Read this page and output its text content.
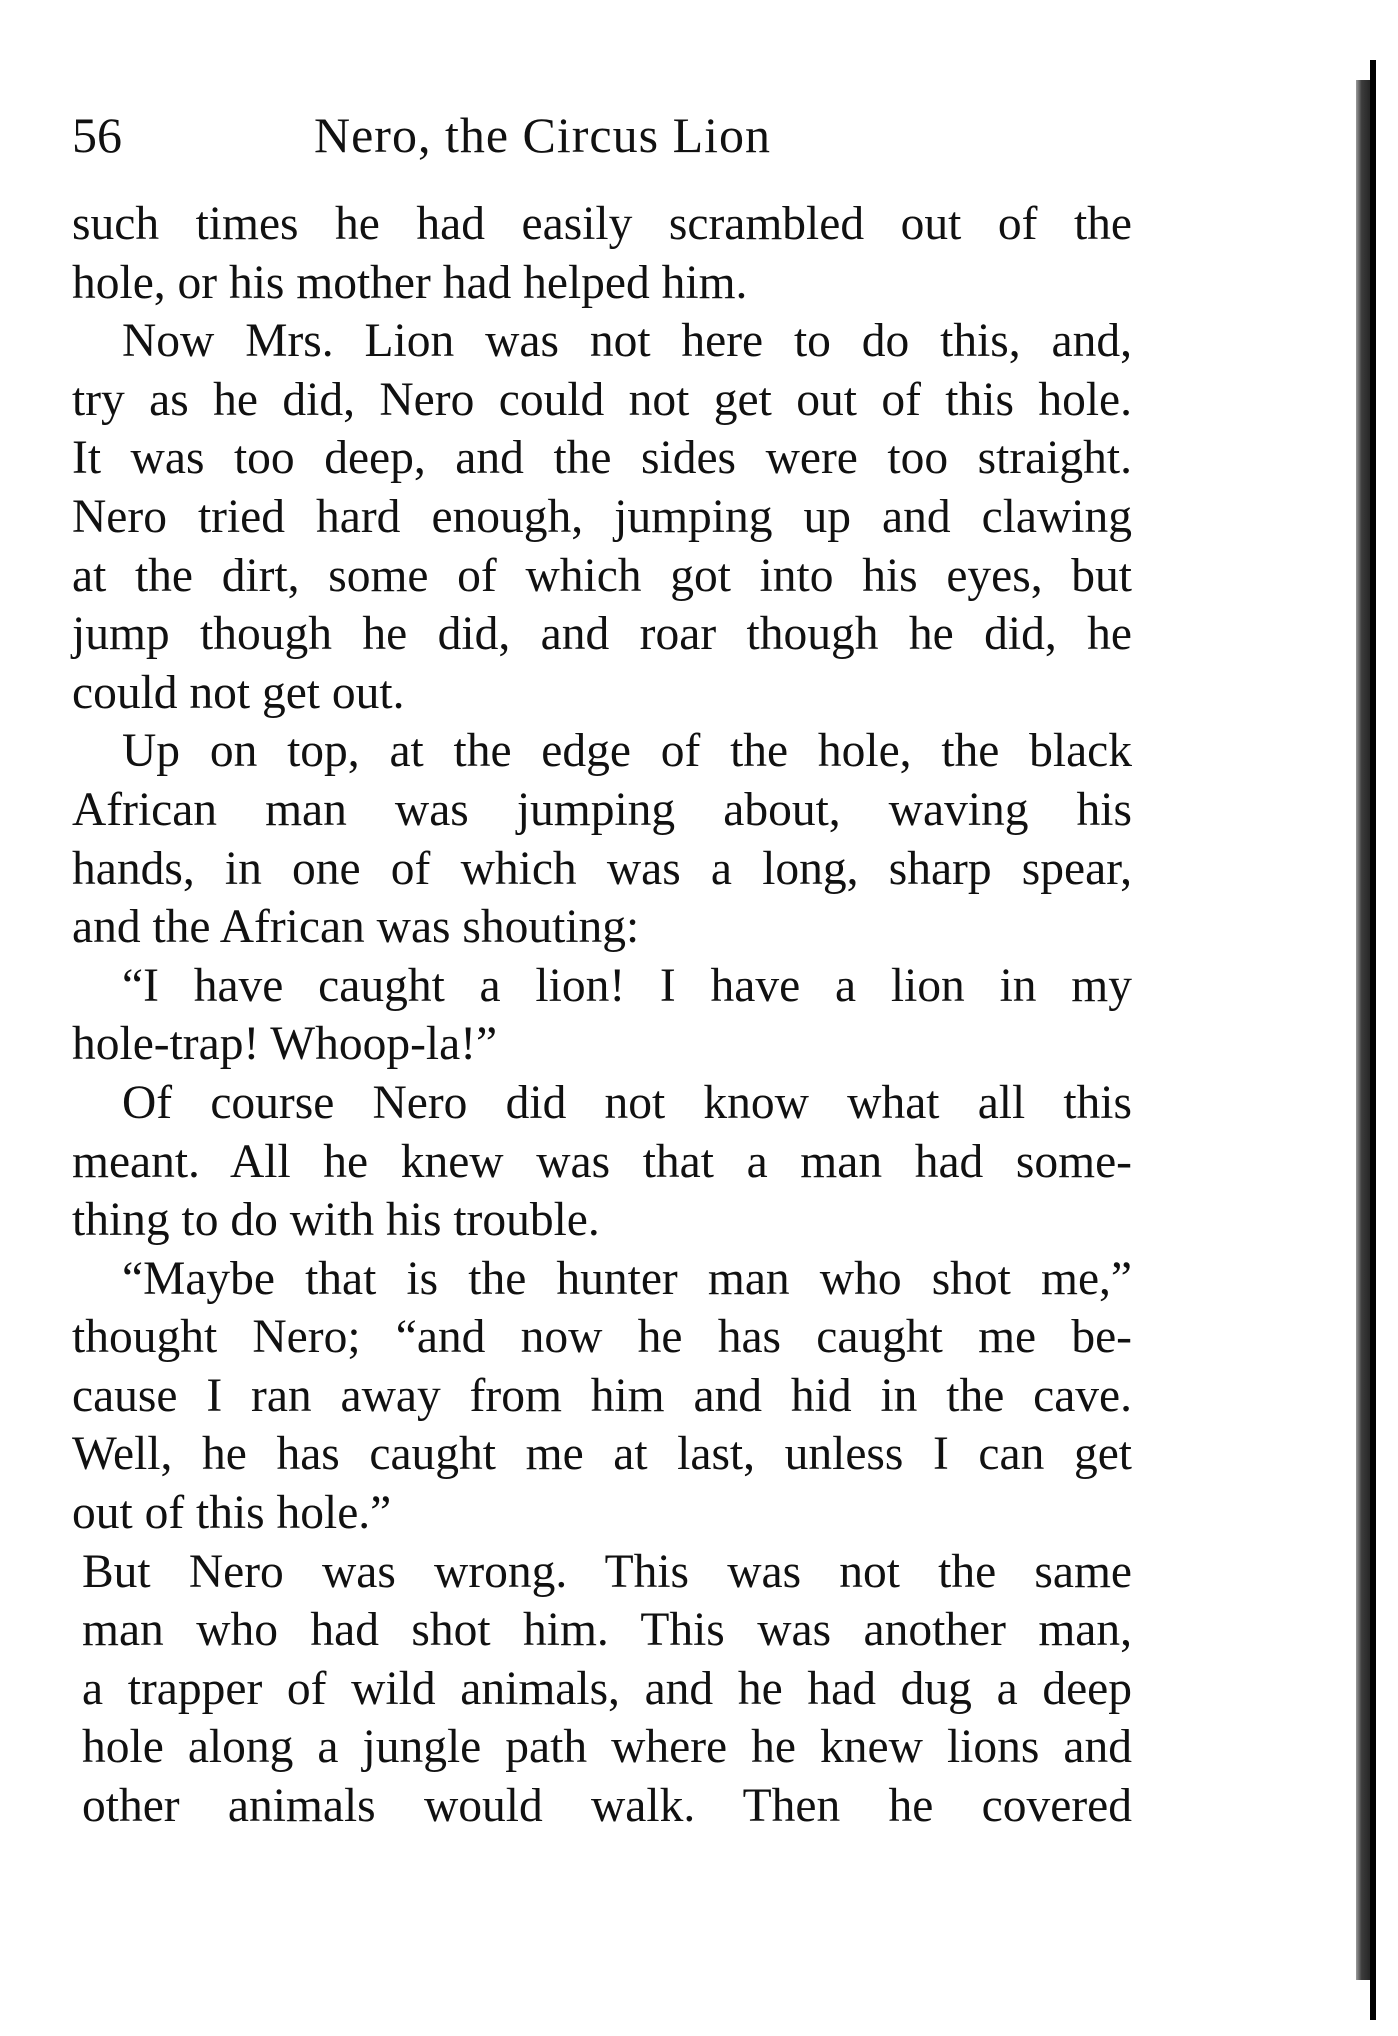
56	Nero, the Circus Lion
such times he had easily scrambled out of the
hole, or his mother had helped him.
Now Mrs. Lion was not here to do this, and,
try as he did, Nero could not get out of this hole.
It was too deep, and the sides were too straight.
Nero tried hard enough, jumping up and clawing
at the dirt, some of which got into his eyes, but
jump though he did, and roar though he did, he
could not get out.
Up on top, at the edge of the hole, the black
African man was jumping about, waving his
hands, in one of which was a long, sharp spear,
and the African was shouting:
“I have caught a lion! I have a lion in my
hole-trap! Whoop-la!”
Of course Nero did not know what all this
meant. All he knew was that a man had some-
thing to do with his trouble.
“Maybe that is the hunter man who shot me,”
thought Nero; “and now he has caught me be-
cause I ran away from him and hid in the cave.
Well, he has caught me at last, unless I can get
out of this hole.”
But Nero was wrong. This was not the same
man who had shot him. This was another man,
a trapper of wild animals, and he had dug a deep
hole along a jungle path where he knew lions and
other animals would walk. Then he covered
